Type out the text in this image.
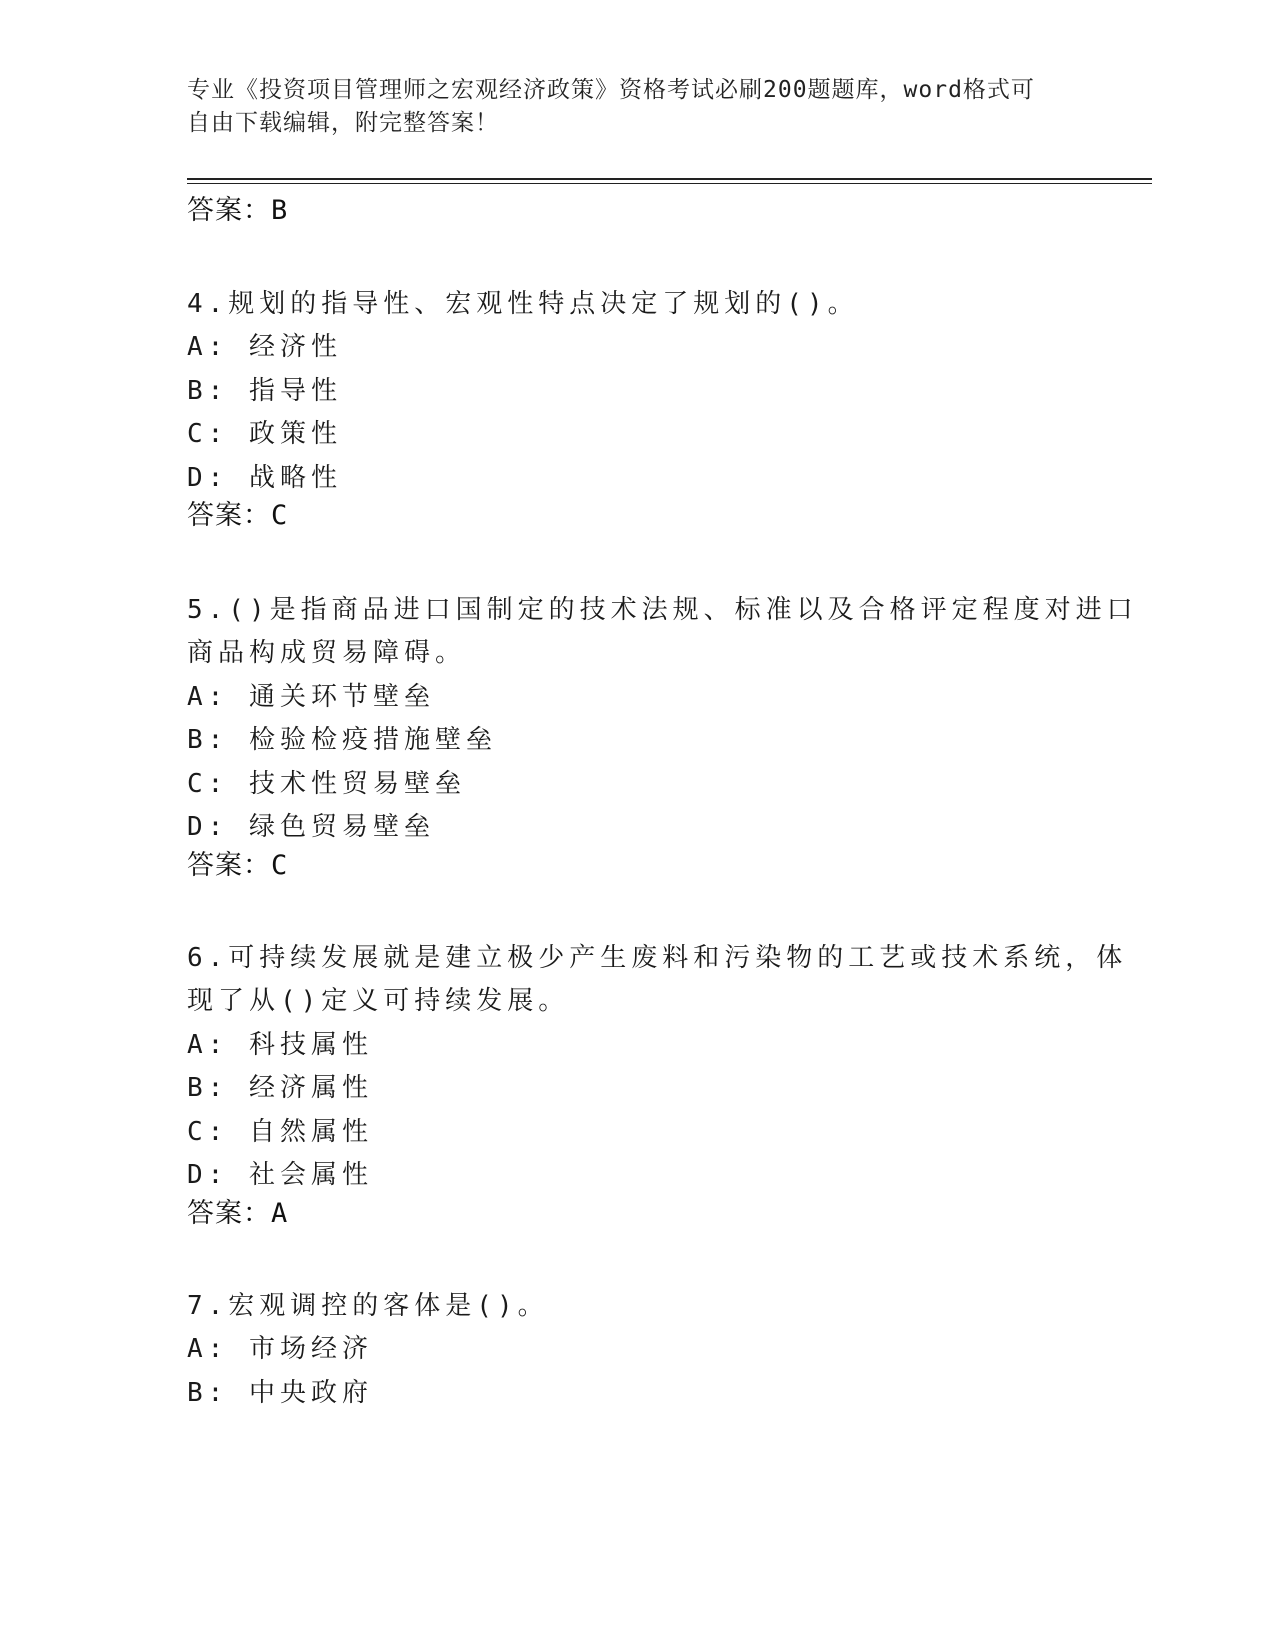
专业《投资项目管理师之宏观经济政策》资格考试必刷200题题库，word格式可
自由下载编辑，附完整答案！
答案：B
4.规划的指导性、宏观性特点决定了规划的()。
A: 经济性
B: 指导性
C: 政策性
D: 战略性
答案：C
5.()是指商品进口国制定的技术法规、标准以及合格评定程度对进口
商品构成贸易障碍。
A: 通关环节壁垒
B: 检验检疫措施壁垒
C: 技术性贸易壁垒
D: 绿色贸易壁垒
答案：C
6.可持续发展就是建立极少产生废料和污染物的工艺或技术系统，体
现了从()定义可持续发展。
A: 科技属性
B: 经济属性
C: 自然属性
D: 社会属性
答案：A
7.宏观调控的客体是()。
A: 市场经济
B: 中央政府
